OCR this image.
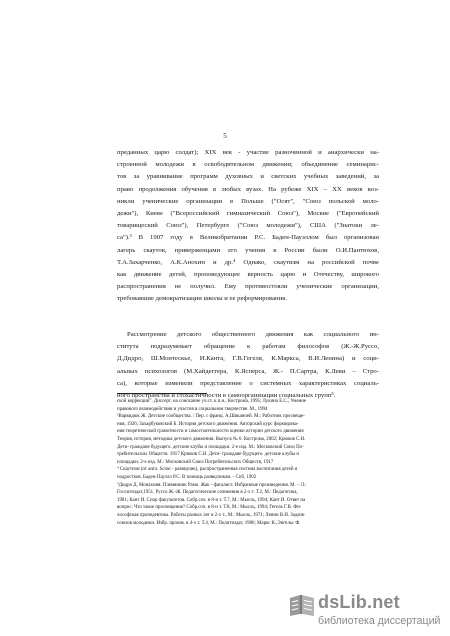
5

преданных царю солдат); XIX век - участие разночинной и анархически на-
строенной молодежи в освободительном движении; объединение семинарис-
тов за уравнивание программ духовных и светских учебных заведений, за
право продолжения обучения в любых вузах. На рубеже XIX – XX веков воз-
никли ученические организации в Польше ("Осят", "Союз польской моло-
дежи"), Киеве ("Всероссийский гимназический Союз"), Москве ("Европейский
товарищеский Союз"), Петербурге ("Союз молодежи"), США ("Знатоки ле-
са").³ В 1907 году в Великобритании Р.С. Баден-Пауэллом был организован
лагерь скаутов, приверженцами его учения в России были О.И.Пантюхов,
Т.А.Захарченко, А.К.Анохин и др.⁴ Однако, скаутизм на российской почве
как движение детей, проповедующее верность царю и Отечеству, широкого
распространения не получил. Ему противостояли ученические организации,
требовавшие демократизации школы и ее реформирования.
Рассмотрение детского общественного движения как социального ин-
ститута подразумевает обращение к работам философов (Ж.-Ж.Руссо,
Д.Дидро, Ш.Монтескье, И.Канта, Г.В.Гегеля, К.Маркса, В.И.Ленина) и соци-
альных психологов (М.Хайдеггера, К.Ясперса, Ж.- П.Сартра, К.Леви – Стро-
са), которые изменили представление о системных характеристиках социаль-
ного пространства и стохастичности в самоорганизации социальных групп⁵.
ской коррекции". Диссерт. на соискание уч.ст. к.п.н., Кострома, 1995; Лукина Е.С., Умение
правового взаимодействия и участия в социальном творчестве. М., 1994
³Варвидюк Ж. Детские сообщества. / Пер. с франц. А.Шиканоей. М.: Работник просвеще-
ния, 1926; Захарбуковский Б. История детского движения. Авторский курс формирова-
ния теоретической грамотности и самостоятельности оценки истории детского движения
Теория, история, методика детского движения. Выпуск № 6. Кострома, 2002; Крюков С.Н.
Дети- граждане будущего. детские клубы и площадки. 2-е изд. М.: Московский Союз По-
требительских Обществ. 1917 Крюков С.Н. Дети- граждане будущего. детские клубы и
площадки. 2-е изд. М.: Московский Союз Потребительских Обществ, 1917
⁴ Скаутизм (от англ. Scout - разведчик), распространенная система воспитания детей и
подростков. Баден-Пауэлл Р.С. В помощь разведчикам. - Спб, 1902
⁵Дидро Д. Монахиня. Племянник Рамо. Жак - фаталист. Избранные произведения. М. – Л.:
Гослитиздат,1951. Руссо Ж.-Ж. Педагогические сочинения в 2-х т. Т.2, М.: Педагогика,
1981; Кант И. Спор факультетов. Собр.соч. в 8-и т. Т.7, М.: Мысль, 1994; Кант И. Ответ на
вопрос: Что такое просвещение? Собр.соч. в 8-и т. Т.8, М.: Мысль, 1994; Гегель Г.В. Фи-
лософская пропедевтика. Работы разных лет в 2-х т., М.: Мысль, 1971; Ленин В.И. Задачи
союзов молодежи. Избр. произв. в 4-х т. Т.4, М.: Политиздат, 1986; Маркс К.,Энгельс Ф.
dsLib.net
библиотека диссертаций
